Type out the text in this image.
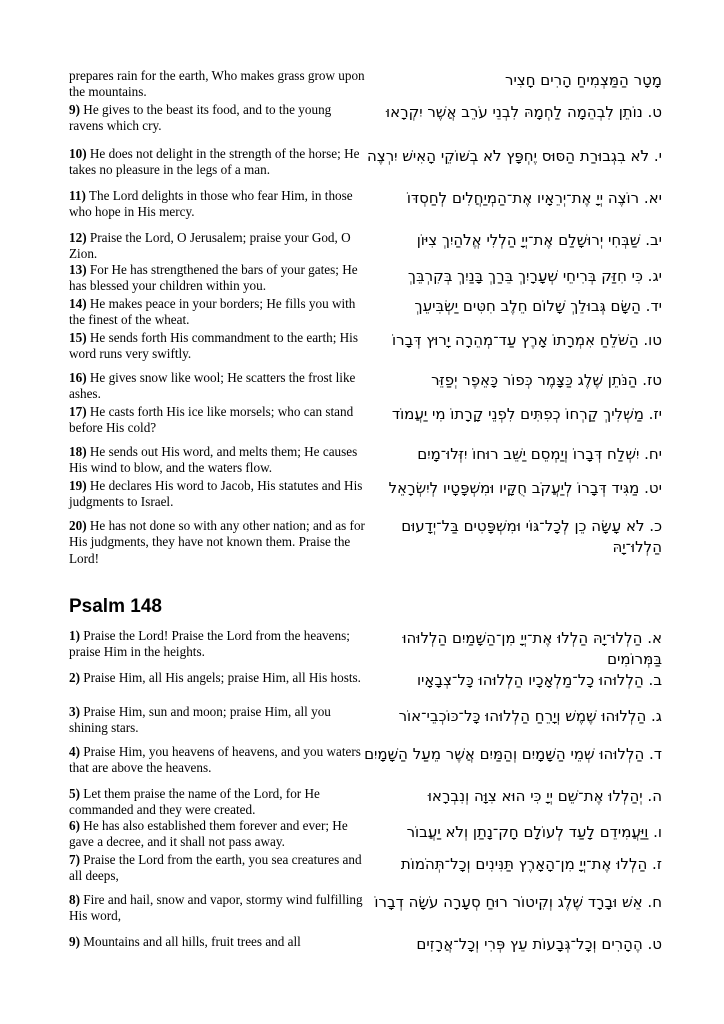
prepares rain for the earth, Who makes grass grow upon the mountains.
מָטָר הַמַּצְמִיחַ הָרִים חָצִיר
9) He gives to the beast its food, and to the young ravens which cry.
ט. נוֹתֵן לִבְהֵמָה לַחְמָהּ לִבְנֵי עֹרֵב אֲשֶׁר יִקְרָאוּ
10) He does not delight in the strength of the horse; He takes no pleasure in the legs of a man.
י. לֹא בִגְבוּרַת הַסּוּס יֶחְפָּץ לֹא בְשׁוֹקֵי הָאִישׁ יִרְצֶה
11) The Lord delights in those who fear Him, in those who hope in His mercy.
יא. רוֹצֶה יְיָ אֶת־יְרֵאָיו אֶת־הַמְיַחֲלִים לְחַסְדּוֹ
12) Praise the Lord, O Jerusalem; praise your God, O Zion.
יב. שַׁבְּחִי יְרוּשָׁלַם אֶת־יְיָ הַלְלִי אֱלֹהַיִךְ צִיּוֹן
13) For He has strengthened the bars of your gates; He has blessed your children within you.
יג. כִּי חִזַּק בְּרִיחֵי שְׁעָרָיִךְ בֵּרַךְ בָּנַיִךְ בְּקִרְבֵּךְ
14) He makes peace in your borders; He fills you with the finest of the wheat.
יד. הַשָּׂם גְּבוּלֵךְ שָׁלוֹם חֵלֶב חִטִּים יַשְׂבִּיעֵךְ
15) He sends forth His commandment to the earth; His word runs very swiftly.
טו. הַשֹּׁלֵחַ אִמְרָתוֹ אָרֶץ עַד־מְהֵרָה יָרוּץ דְּבָרוֹ
16) He gives snow like wool; He scatters the frost like ashes.
טז. הַנֹּתֵן שֶׁלֶג כַּצָּמֶר כְּפוֹר כָּאֵפֶר יְפַזֵּר
17) He casts forth His ice like morsels; who can stand before His cold?
יז. מַשְׁלִיךְ קַרְחוֹ כְפִתִּים לִפְנֵי קָרָתוֹ מִי יַעֲמוֹד
18) He sends out His word, and melts them; He causes His wind to blow, and the waters flow.
יח. יִשְׁלַח דְּבָרוֹ וְיַמְסֵם יַשֵּׁב רוּחוֹ יִזְּלוּ־מָיִם
19) He declares His word to Jacob, His statutes and His judgments to Israel.
יט. מַגִּיד דְּבָרוֹ לְיַעֲקֹב חֻקָּיו וּמִשְׁפָּטָיו לְיִשְׂרָאֵל
20) He has not done so with any other nation; and as for His judgments, they have not known them. Praise the Lord!
כ. לֹא עָשָׂה כֵן לְכָל־גּוֹי וּמִשְׁפָּטִים בַּל־יְדָעוּם הַלְלוּ־יָהּ
Psalm 148
1) Praise the Lord! Praise the Lord from the heavens; praise Him in the heights.
א. הַלְלוּ־יָהּ הַלְלוּ אֶת־יְיָ מִן־הַשָּׁמַיִם הַלְלוּהוּ בַּמְּרוֹמִים
2) Praise Him, all His angels; praise Him, all His hosts.	ב. הַלְלוּהוּ כָל־מַלְאָכָיו הַלְלוּהוּ כָּל־צְבָאָיו
3) Praise Him, sun and moon; praise Him, all you shining stars.
ג. הַלְלוּהוּ שֶׁמֶשׁ וְיָרֵחַ הַלְלוּהוּ כָּל־כּוֹכְבֵי־אוֹר
4) Praise Him, you heavens of heavens, and you waters that are above the heavens.
ד. הַלְלוּהוּ שְׁמֵי הַשָּׁמָיִם וְהַמַּיִם אֲשֶׁר מֵעַל הַשָּׁמָיִם
5) Let them praise the name of the Lord, for He commanded and they were created.
ה. יְהַלְלוּ אֶת־שֵׁם יְיָ כִּי הוּא צִוָּה וְנִבְרָאוּ
6) He has also established them forever and ever; He gave a decree, and it shall not pass away.
ו. וַיַּעֲמִידֵם לָעַד לְעוֹלָם חָק־נָתַן וְלֹא יַעֲבוֹר
7) Praise the Lord from the earth, you sea creatures and all deeps,
ז. הַלְלוּ אֶת־יְיָ מִן־הָאָרֶץ תַּנִּינִים וְכָל־תְּהֹמוֹת
8) Fire and hail, snow and vapor, stormy wind fulfilling His word,
ח. אֵשׁ וּבָרָד שֶׁלֶג וְקִיטוֹר רוּחַ סְעָרָה עֹשָׂה דְבָרוֹ
9) Mountains and all hills, fruit trees and all	ט. הֶהָרִים וְכָל־גְּבָעוֹת עֵץ פְּרִי וְכָל־אֲרָזִים
